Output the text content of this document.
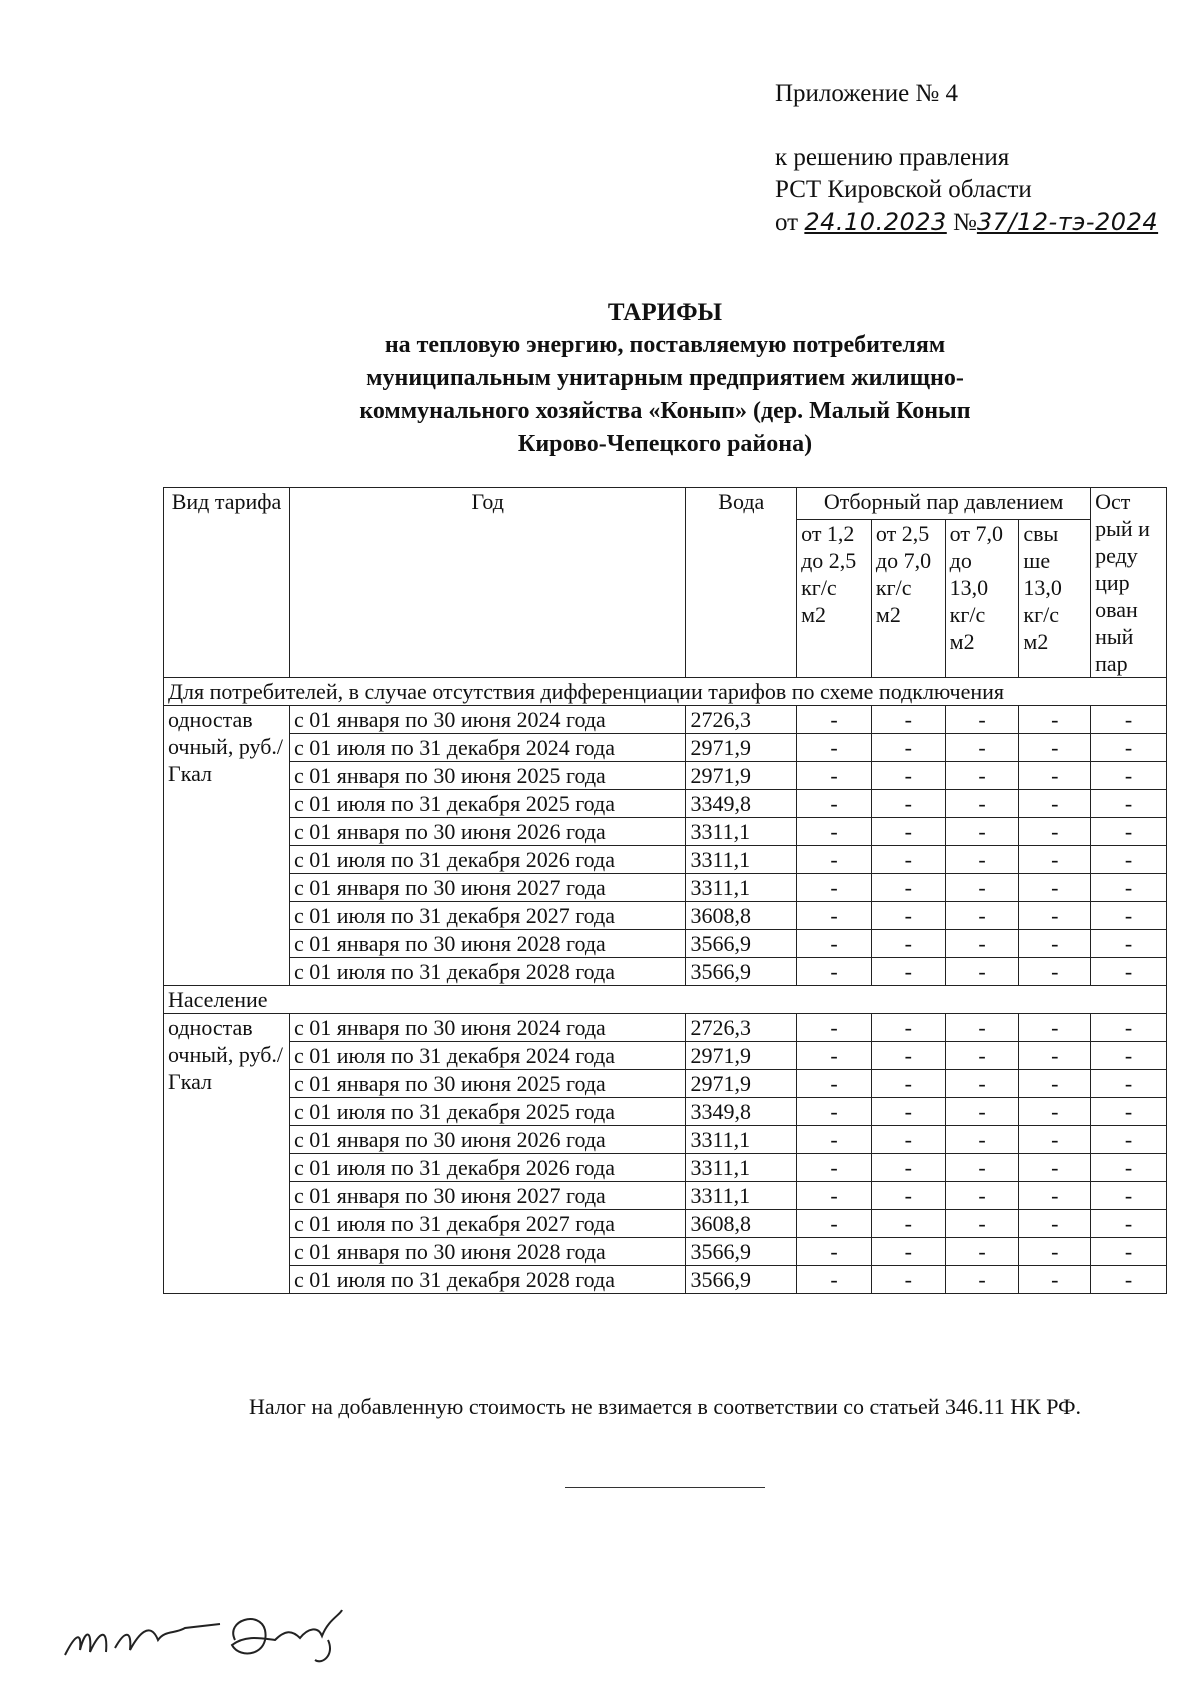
Приложение № 4
к решению правления
РСТ Кировской области
от 24.10.2023 №37/12-тэ-2024
ТАРИФЫ
на тепловую энергию, поставляемую потребителям
муниципальным унитарным предприятием жилищно-
коммунального хозяйства «Конып» (дер. Малый Конып
Кирово-Чепецкого района)
Вид тарифа	Год	Вода	Отборный пар давлением				Ост рый и реду цир ован ный пар
			от 1,2 до 2,5 кг/с м2	от 2,5 до 7,0 кг/с м2	от 7,0 до 13,0 кг/с м2	свы ше 13,0 кг/с м2	
Для потребителей, в случае отсутствия дифференциации тарифов по схеме подключения							
одностав очный, руб./Гкал	с 01 января по 30 июня 2024 года	2726,3	-	-	-	-	-
	с 01 июля по 31 декабря 2024 года	2971,9	-	-	-	-	-
	с 01 января по 30 июня 2025 года	2971,9	-	-	-	-	-
	с 01 июля по 31 декабря 2025 года	3349,8	-	-	-	-	-
	с 01 января по 30 июня 2026 года	3311,1	-	-	-	-	-
	с 01 июля по 31 декабря 2026 года	3311,1	-	-	-	-	-
	с 01 января по 30 июня 2027 года	3311,1	-	-	-	-	-
	с 01 июля по 31 декабря 2027 года	3608,8	-	-	-	-	-
	с 01 января по 30 июня 2028 года	3566,9	-	-	-	-	-
	с 01 июля по 31 декабря 2028 года	3566,9	-	-	-	-	-
Население							
одностав очный, руб./Гкал	с 01 января по 30 июня 2024 года	2726,3	-	-	-	-	-
	с 01 июля по 31 декабря 2024 года	2971,9	-	-	-	-	-
	с 01 января по 30 июня 2025 года	2971,9	-	-	-	-	-
	с 01 июля по 31 декабря 2025 года	3349,8	-	-	-	-	-
	с 01 января по 30 июня 2026 года	3311,1	-	-	-	-	-
	с 01 июля по 31 декабря 2026 года	3311,1	-	-	-	-	-
	с 01 января по 30 июня 2027 года	3311,1	-	-	-	-	-
	с 01 июля по 31 декабря 2027 года	3608,8	-	-	-	-	-
	с 01 января по 30 июня 2028 года	3566,9	-	-	-	-	-
	с 01 июля по 31 декабря 2028 года	3566,9	-	-	-	-	-
Налог на добавленную стоимость не взимается в соответствии со статьей 346.11 НК РФ.
